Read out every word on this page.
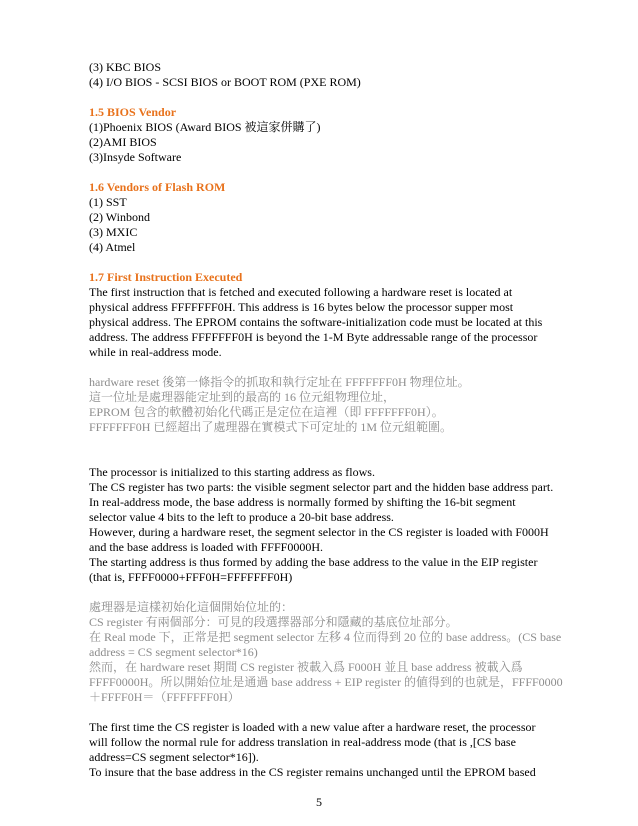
(3) KBC BIOS

(4) I/O BIOS - SCSI BIOS or BOOT ROM (PXE ROM)

1.5 BIOS Vendor

(1)Phoenix BIOS (Award BIOS 被這家併購了)

(2)AMI BIOS

(3)Insyde Software

1.6 Vendors of Flash ROM

(1) SST

(2) Winbond

(3) MXIC

(4) Atmel

1.7 First Instruction Executed

The first instruction that is fetched and executed following a hardware reset is located at

physical address FFFFFFF0H. This address is 16 bytes below the processor supper most

physical address. The EPROM contains the software-initialization code must be located at this

address. The address FFFFFFF0H is beyond the 1-M Byte addressable range of the processor

while in real-address mode.

hardware reset 後第一條指令的抓取和執行定址在 FFFFFFF0H 物理位址。

這一位址是處理器能定址到的最高的 16 位元組物理位址，

EPROM 包含的軟體初始化代碼正是定位在這裡（即 FFFFFFF0H）。

FFFFFFF0H 已經超出了處理器在實模式下可定址的 1M 位元組範圍。

The processor is initialized to this starting address as flows.

The CS register has two parts: the visible segment selector part and the hidden base address part.

In real-address mode, the base address is normally formed by shifting the 16-bit segment

selector value 4 bits to the left to produce a 20-bit base address.

However, during a hardware reset, the segment selector in the CS register is loaded with F000H

and the base address is loaded with FFFF0000H.

The starting address is thus formed by adding the base address to the value in the EIP register

(that is, FFFF0000+FFF0H=FFFFFFF0H)

處理器是這樣初始化這個開始位址的：

CS register 有兩個部分：可見的段選擇器部分和隱藏的基底位址部分。

在 Real mode 下，正常是把 segment selector 左移 4 位而得到 20 位的 base address。(CS base

address = CS segment selector*16)

然而，在 hardware reset 期間 CS register 被載入爲 F000H 並且 base address 被載入爲

FFFF0000H。所以開始位址是通過 base address + EIP register 的値得到的也就是，FFFF0000

＋FFFF0H＝（FFFFFFF0H）

The first time the CS register is loaded with a new value after a hardware reset, the processor

will follow the normal rule for address translation in real-address mode (that is ,[CS base

address=CS segment selector*16]).

To insure that the base address in the CS register remains unchanged until the EPROM based

5
